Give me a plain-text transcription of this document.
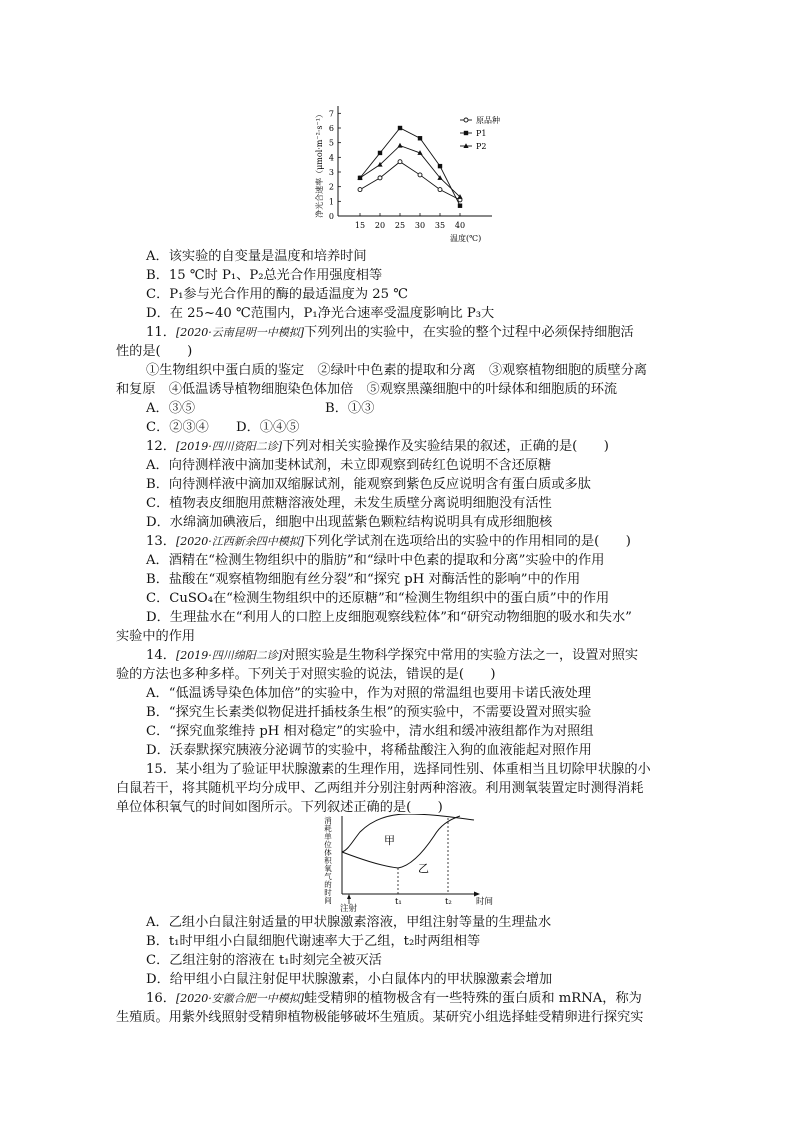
0
1
2
3
4
5
6
7
15 20 25 30 35 40
温度(℃)
净光合速率（μmol·m⁻²·s⁻¹）	原品种
P1
P2
A．该实验的自变量是温度和培养时间
B．15 ℃时 P₁、P₂总光合作用强度相等
C．P₁参与光合作用的酶的最适温度为 25 ℃
D．在 25~40 ℃范围内，P₁净光合速率受温度影响比 P₃大
11．[2020·云南昆明一中模拟]下列列出的实验中，在实验的整个过程中必须保持细胞活
性的是(　　)
①生物组织中蛋白质的鉴定　②绿叶中色素的提取和分离　③观察植物细胞的质壁分离
和复原　④低温诱导植物细胞染色体加倍　⑤观察黑藻细胞中的叶绿体和细胞质的环流
A．③⑤	B．①③
C．②③④ D．①④⑤
12．[2019·四川资阳二诊]下列对相关实验操作及实验结果的叙述，正确的是(　　)
A．向待测样液中滴加斐林试剂，未立即观察到砖红色说明不含还原糖
B．向待测样液中滴加双缩脲试剂，能观察到紫色反应说明含有蛋白质或多肽
C．植物表皮细胞用蔗糖溶液处理，未发生质壁分离说明细胞没有活性
D．水绵滴加碘液后，细胞中出现蓝紫色颗粒结构说明具有成形细胞核
13．[2020·江西新余四中模拟]下列化学试剂在选项给出的实验中的作用相同的是(　　)
A．酒精在“检测生物组织中的脂肪”和“绿叶中色素的提取和分离”实验中的作用
B．盐酸在“观察植物细胞有丝分裂”和“探究 pH 对酶活性的影响”中的作用
C．CuSO₄在“检测生物组织中的还原糖”和“检测生物组织中的蛋白质”中的作用
D．生理盐水在“利用人的口腔上皮细胞观察线粒体”和“研究动物细胞的吸水和失水”
实验中的作用
14．[2019·四川绵阳二诊]对照实验是生物科学探究中常用的实验方法之一，设置对照实
验的方法也多种多样。下列关于对照实验的说法，错误的是(　　)
A．“低温诱导染色体加倍”的实验中，作为对照的常温组也要用卡诺氏液处理
B．“探究生长素类似物促进扦插枝条生根”的预实验中，不需要设置对照实验
C．“探究血浆维持 pH 相对稳定”的实验中，清水组和缓冲液组都作为对照组
D．沃泰默探究胰液分泌调节的实验中，将稀盐酸注入狗的血液能起对照作用
15．某小组为了验证甲状腺激素的生理作用，选择同性别、体重相当且切除甲状腺的小
白鼠若干，将其随机平均分成甲、乙两组并分别注射两种溶液。利用测氧装置定时测得消耗
单位体积氧气的时间如图所示。下列叙述正确的是(　　)
消
耗
单
位
体
积
氧
气
的
时
间
甲
乙
注射
t₁	t₂	时间
A．乙组小白鼠注射适量的甲状腺激素溶液，甲组注射等量的生理盐水
B．t₁时甲组小白鼠细胞代谢速率大于乙组，t₂时两组相等
C．乙组注射的溶液在 t₁时刻完全被灭活
D．给甲组小白鼠注射促甲状腺激素，小白鼠体内的甲状腺激素会增加
16．[2020·安徽合肥一中模拟]蛙受精卵的植物极含有一些特殊的蛋白质和 mRNA，称为
生殖质。用紫外线照射受精卵植物极能够破坏生殖质。某研究小组选择蛙受精卵进行探究实
